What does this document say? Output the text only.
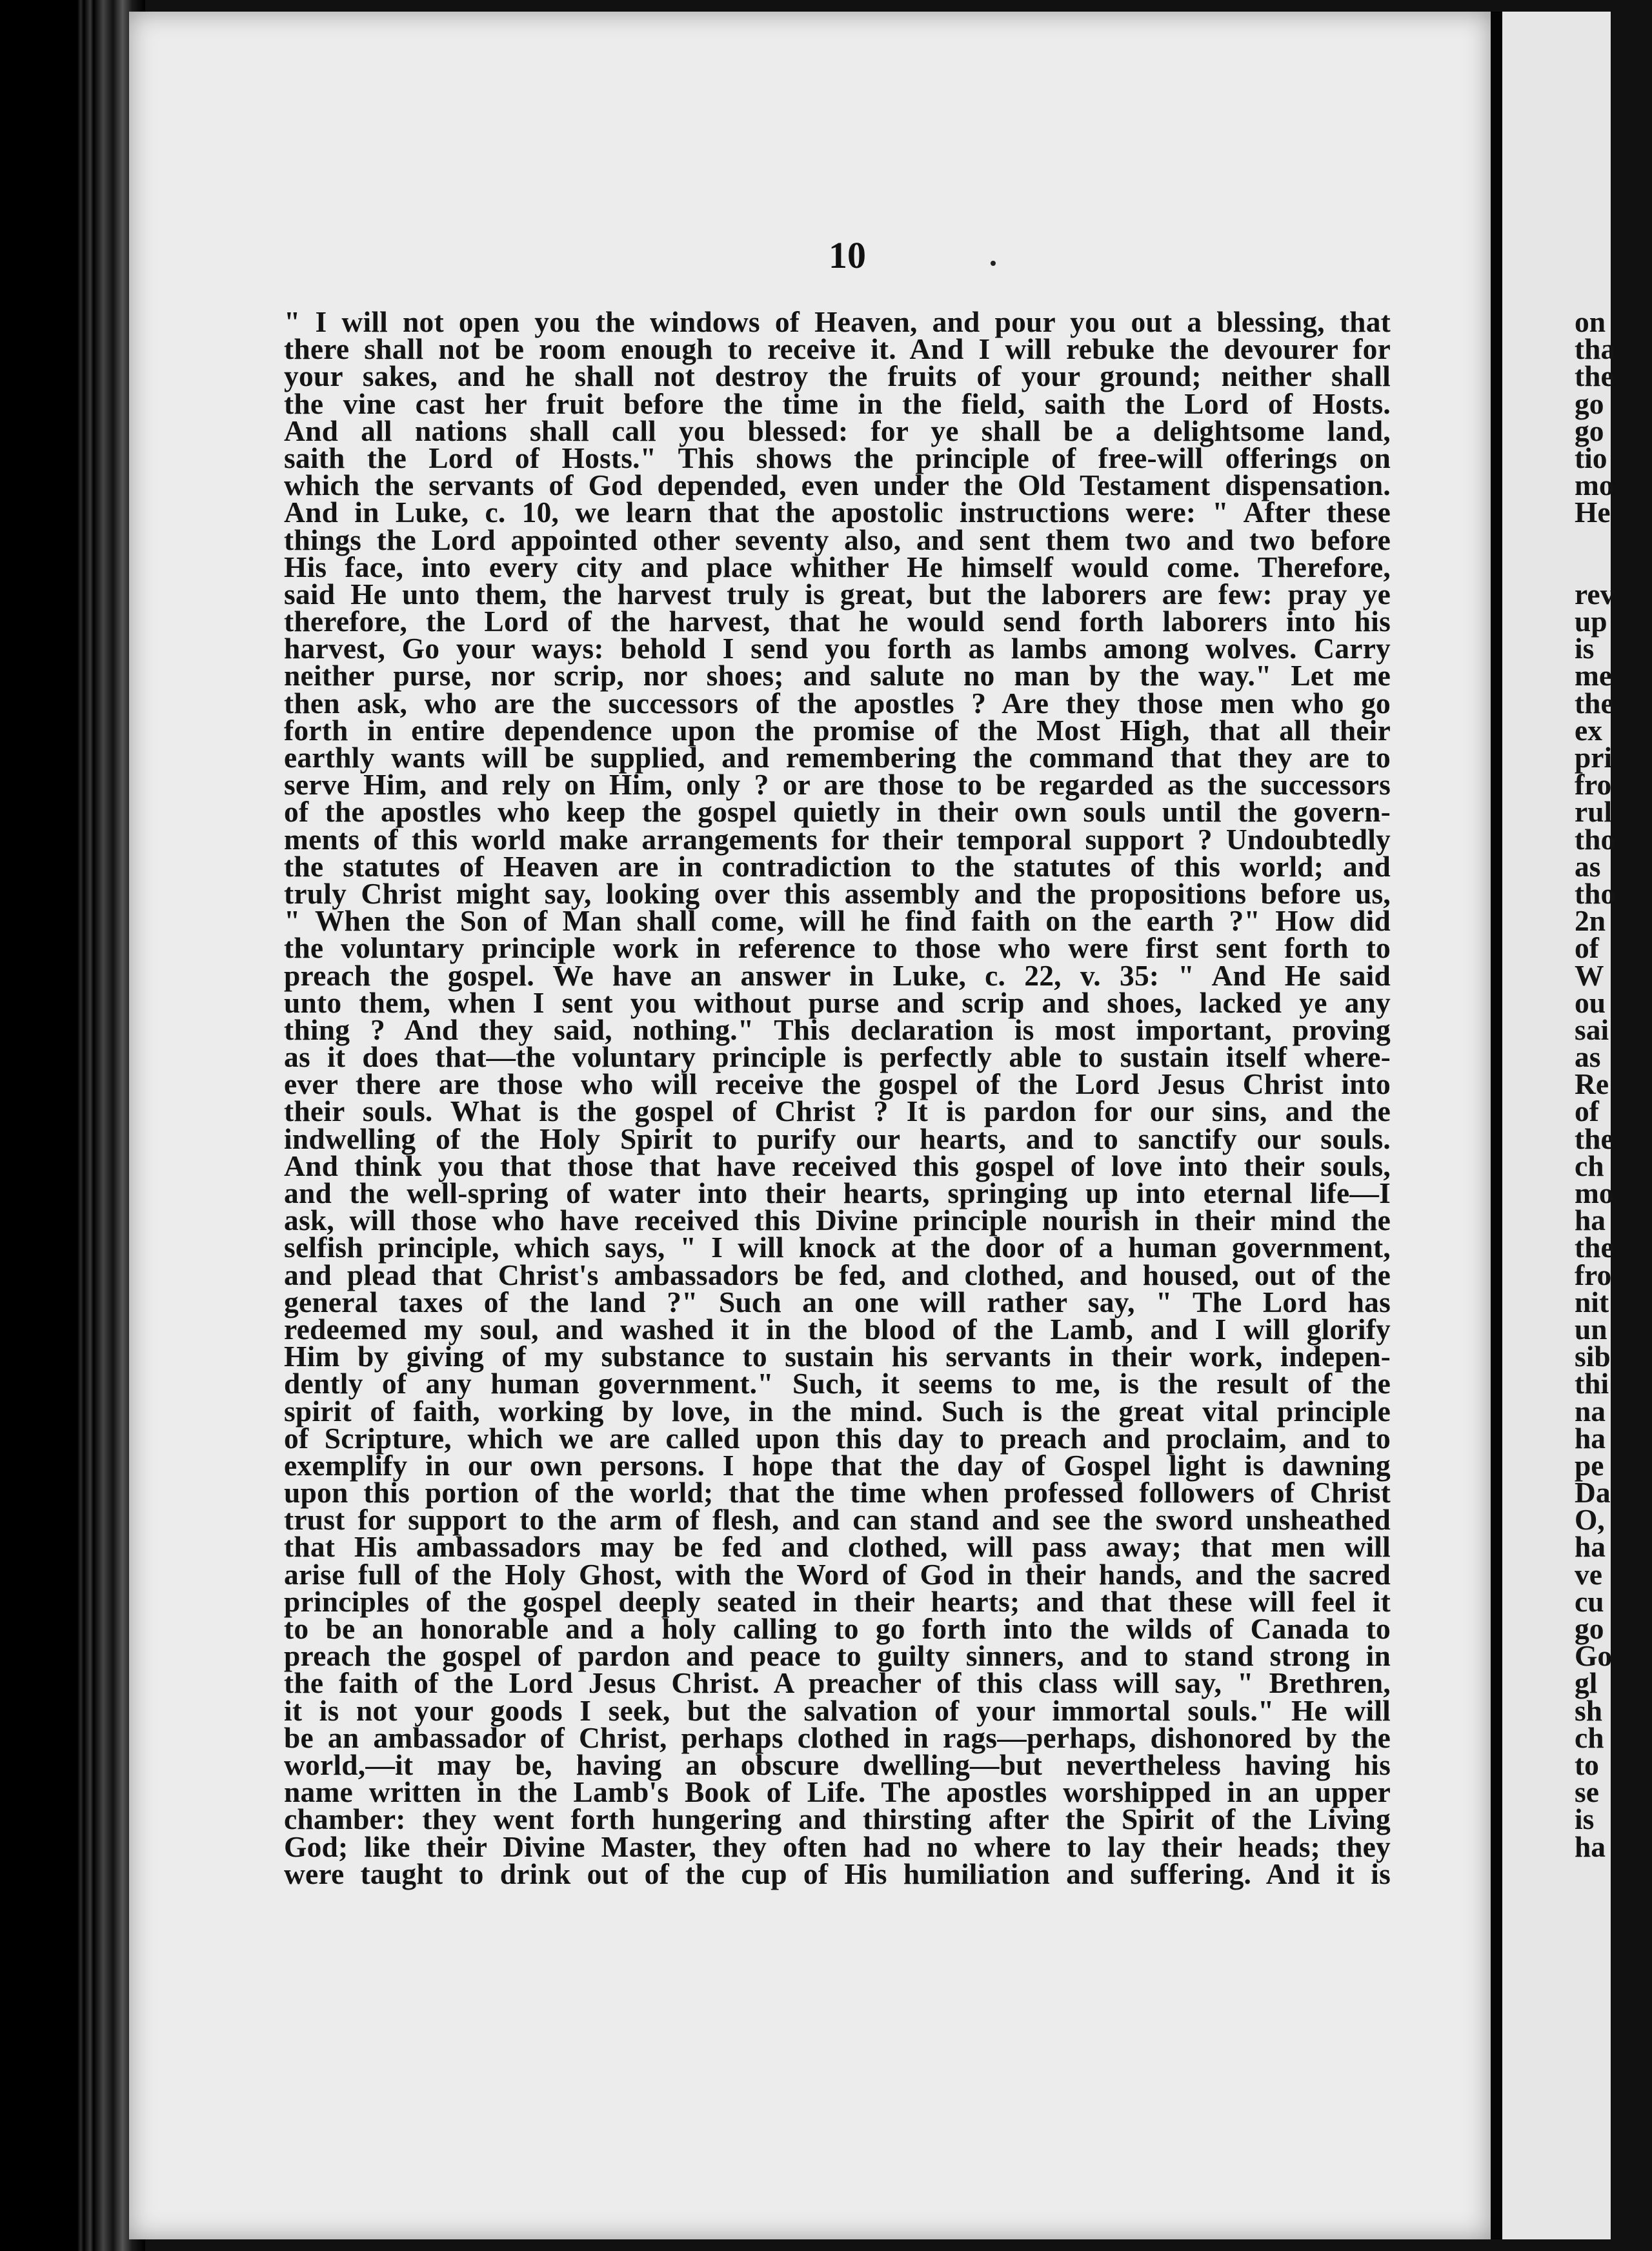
10
" I will not open you the windows of Heaven, and pour you out a blessing, that
there shall not be room enough to receive it. And I will rebuke the devourer for
your sakes, and he shall not destroy the fruits of your ground; neither shall
the vine cast her fruit before the time in the field, saith the Lord of Hosts.
And all nations shall call you blessed: for ye shall be a delightsome land,
saith the Lord of Hosts." This shows the principle of free-will offerings on
which the servants of God depended, even under the Old Testament dispensation.
And in Luke, c. 10, we learn that the apostolic instructions were: " After these
things the Lord appointed other seventy also, and sent them two and two before
His face, into every city and place whither He himself would come. Therefore,
said He unto them, the harvest truly is great, but the laborers are few: pray ye
therefore, the Lord of the harvest, that he would send forth laborers into his
harvest, Go your ways: behold I send you forth as lambs among wolves. Carry
neither purse, nor scrip, nor shoes; and salute no man by the way." Let me
then ask, who are the successors of the apostles ? Are they those men who go
forth in entire dependence upon the promise of the Most High, that all their
earthly wants will be supplied, and remembering the command that they are to
serve Him, and rely on Him, only ? or are those to be regarded as the successors
of the apostles who keep the gospel quietly in their own souls until the govern-
ments of this world make arrangements for their temporal support ? Undoubtedly
the statutes of Heaven are in contradiction to the statutes of this world; and
truly Christ might say, looking over this assembly and the propositions before us,
" When the Son of Man shall come, will he find faith on the earth ?" How did
the voluntary principle work in reference to those who were first sent forth to
preach the gospel. We have an answer in Luke, c. 22, v. 35: " And He said
unto them, when I sent you without purse and scrip and shoes, lacked ye any
thing ? And they said, nothing." This declaration is most important, proving
as it does that—the voluntary principle is perfectly able to sustain itself where-
ever there are those who will receive the gospel of the Lord Jesus Christ into
their souls. What is the gospel of Christ ? It is pardon for our sins, and the
indwelling of the Holy Spirit to purify our hearts, and to sanctify our souls.
And think you that those that have received this gospel of love into their souls,
and the well-spring of water into their hearts, springing up into eternal life—I
ask, will those who have received this Divine principle nourish in their mind the
selfish principle, which says, " I will knock at the door of a human government,
and plead that Christ's ambassadors be fed, and clothed, and housed, out of the
general taxes of the land ?" Such an one will rather say, " The Lord has
redeemed my soul, and washed it in the blood of the Lamb, and I will glorify
Him by giving of my substance to sustain his servants in their work, indepen-
dently of any human government." Such, it seems to me, is the result of the
spirit of faith, working by love, in the mind. Such is the great vital principle
of Scripture, which we are called upon this day to preach and proclaim, and to
exemplify in our own persons. I hope that the day of Gospel light is dawning
upon this portion of the world; that the time when professed followers of Christ
trust for support to the arm of flesh, and can stand and see the sword unsheathed
that His ambassadors may be fed and clothed, will pass away; that men will
arise full of the Holy Ghost, with the Word of God in their hands, and the sacred
principles of the gospel deeply seated in their hearts; and that these will feel it
to be an honorable and a holy calling to go forth into the wilds of Canada to
preach the gospel of pardon and peace to guilty sinners, and to stand strong in
the faith of the Lord Jesus Christ. A preacher of this class will say, " Brethren,
it is not your goods I seek, but the salvation of your immortal souls." He will
be an ambassador of Christ, perhaps clothed in rags—perhaps, dishonored by the
world,—it may be, having an obscure dwelling—but nevertheless having his
name written in the Lamb's Book of Life. The apostles worshipped in an upper
chamber: they went forth hungering and thirsting after the Spirit of the Living
God; like their Divine Master, they often had no where to lay their heads; they
were taught to drink out of the cup of His humiliation and suffering. And it is
on
tha
the
go
go
tio
mo
He
rev
up
is
me
the
ex
pri
fro
rul
tho
as
tho
2n
of
W
ou
sai
as
Re
of
the
ch
mo
ha
the
fro
nit
un
sib
thi
na
ha
pe
Da
O,
ha
ve
cu
go
Go
gl
sh
ch
to
se
is
ha
